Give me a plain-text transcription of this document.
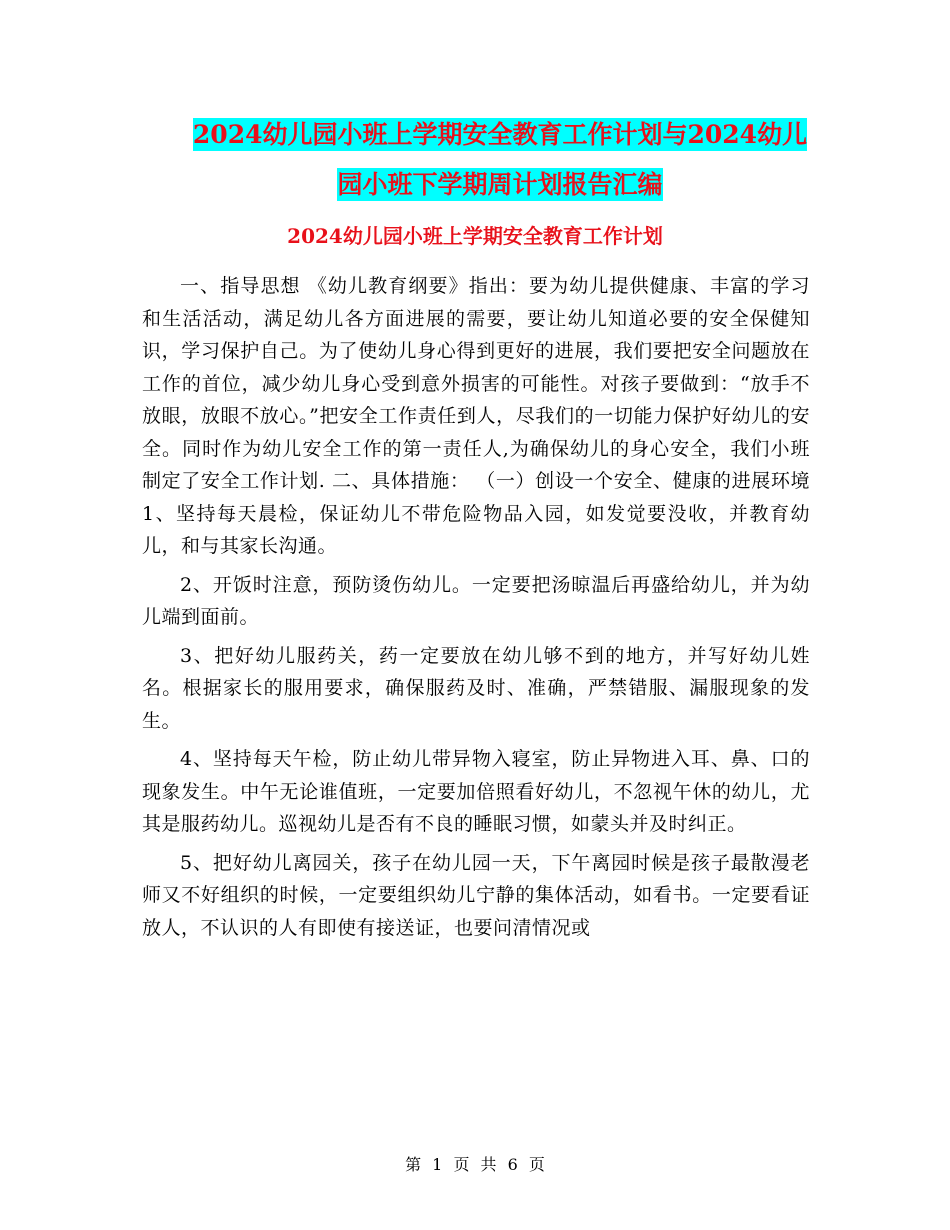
2024幼儿园小班上学期安全教育工作计划与2024幼儿
园小班下学期周计划报告汇编
2024幼儿园小班上学期安全教育工作计划

一、指导思想 《幼儿教育纲要》指出：要为幼儿提供健康、丰富的学习和生活活动，满足幼儿各方面进展的需要，要让幼儿知道必要的安全保健知识，学习保护自己。为了使幼儿身心得到更好的进展，我们要把安全问题放在工作的首位，减少幼儿身心受到意外损害的可能性。对孩子要做到：“放手不放眼，放眼不放心。”把安全工作责任到人，尽我们的一切能力保护好幼儿的安全。同时作为幼儿安全工作的第一责任人,为确保幼儿的身心安全，我们小班制定了安全工作计划. 二、具体措施： （一）创设一个安全、健康的进展环境 1、坚持每天晨检，保证幼儿不带危险物品入园，如发觉要没收，并教育幼儿，和与其家长沟通。

2、开饭时注意，预防烫伤幼儿。一定要把汤晾温后再盛给幼儿，并为幼儿端到面前。

3、把好幼儿服药关，药一定要放在幼儿够不到的地方，并写好幼儿姓名。根据家长的服用要求，确保服药及时、准确，严禁错服、漏服现象的发生。

4、坚持每天午检，防止幼儿带异物入寝室，防止异物进入耳、鼻、口的现象发生。中午无论谁值班，一定要加倍照看好幼儿，不忽视午休的幼儿，尤其是服药幼儿。巡视幼儿是否有不良的睡眠习惯，如蒙头并及时纠正。

5、把好幼儿离园关，孩子在幼儿园一天，下午离园时候是孩子最散漫老师又不好组织的时候，一定要组织幼儿宁静的集体活动，如看书。一定要看证放人，不认识的人有即使有接送证，也要问清情况或

第 1 页 共 6 页
